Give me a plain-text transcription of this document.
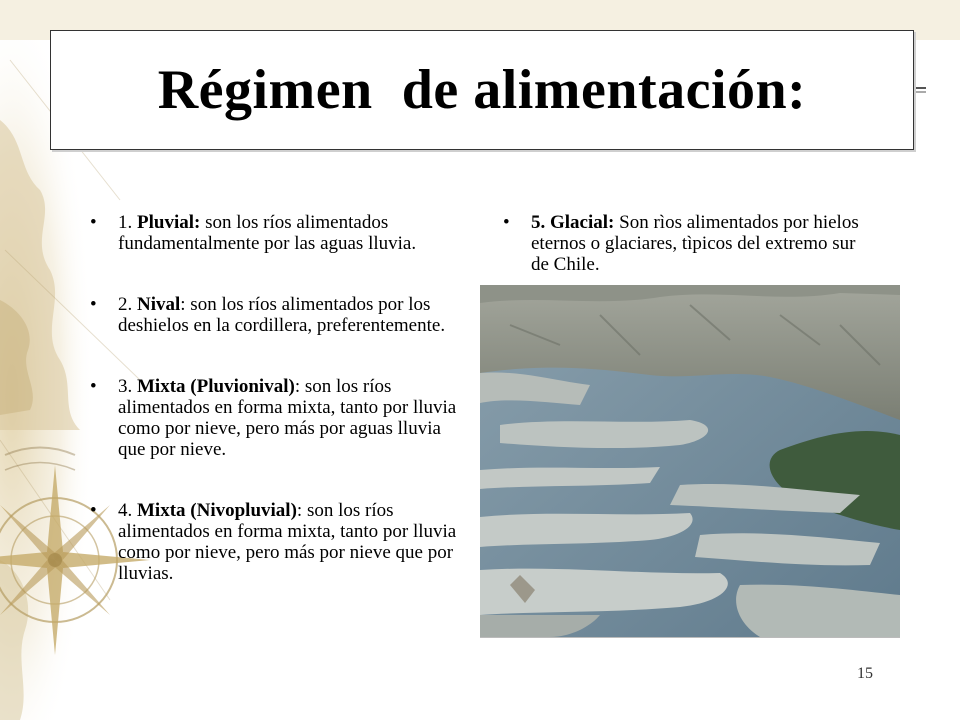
Régimen  de alimentación:
• 1. Pluvial: son los ríos alimentados fundamentalmente por las aguas lluvia.
• 2. Nival: son los ríos alimentados por los deshielos en la cordillera, preferentemente.
• 3. Mixta (Pluvionival): son los ríos alimentados en forma mixta, tanto por lluvia como por nieve, pero más por aguas lluvia que por nieve.
• 4. Mixta (Nivopluvial): son los ríos alimentados en forma mixta, tanto por lluvia como por nieve, pero más por nieve que por lluvias.
• 5. Glacial: Son rìos alimentados por hielos eternos o glaciares, tìpicos del extremo sur de Chile.
15
